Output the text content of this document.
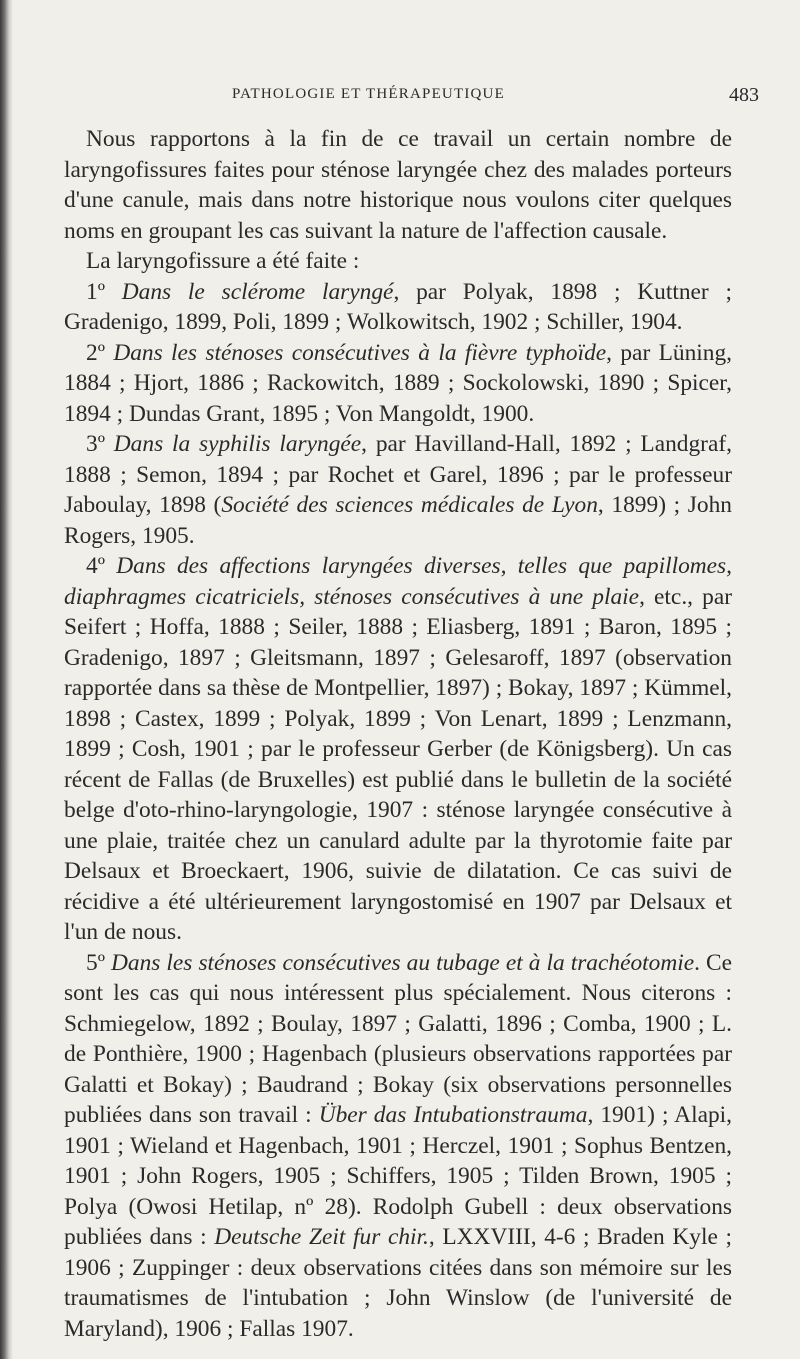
PATHOLOGIE ET THÉRAPEUTIQUE	483

Nous rapportons à la fin de ce travail un certain nombre de laryngofissures faites pour sténose laryngée chez des malades porteurs d'une canule, mais dans notre historique nous voulons citer quelques noms en groupant les cas suivant la nature de l'affection causale.

La laryngofissure a été faite :

1º Dans le sclérome laryngé, par Polyak, 1898 ; Kuttner ; Gradenigo, 1899, Poli, 1899 ; Wolkowitsch, 1902 ; Schiller, 1904.

2º Dans les sténoses consécutives à la fièvre typhoïde, par Lüning, 1884 ; Hjort, 1886 ; Rackowitch, 1889 ; Sockolowski, 1890 ; Spicer, 1894 ; Dundas Grant, 1895 ; Von Mangoldt, 1900.

3º Dans la syphilis laryngée, par Havilland-Hall, 1892 ; Landgraf, 1888 ; Semon, 1894 ; par Rochet et Garel, 1896 ; par le professeur Jaboulay, 1898 (Société des sciences médicales de Lyon, 1899) ; John Rogers, 1905.

4º Dans des affections laryngées diverses, telles que papillomes, diaphragmes cicatriciels, sténoses consécutives à une plaie, etc., par Seifert ; Hoffa, 1888 ; Seiler, 1888 ; Eliasberg, 1891 ; Baron, 1895 ; Gradenigo, 1897 ; Gleitsmann, 1897 ; Gelesaroff, 1897 (observation rapportée dans sa thèse de Montpellier, 1897) ; Bokay, 1897 ; Kümmel, 1898 ; Castex, 1899 ; Polyak, 1899 ; Von Lenart, 1899 ; Lenzmann, 1899 ; Cosh, 1901 ; par le professeur Gerber (de Königsberg). Un cas récent de Fallas (de Bruxelles) est publié dans le bulletin de la société belge d'oto-rhino-laryngologie, 1907 : sténose laryngée consécutive à une plaie, traitée chez un canulard adulte par la thyrotomie faite par Delsaux et Broeckaert, 1906, suivie de dilatation. Ce cas suivi de récidive a été ultérieurement laryngostomisé en 1907 par Delsaux et l'un de nous.

5º Dans les sténoses consécutives au tubage et à la trachéotomie. Ce sont les cas qui nous intéressent plus spécialement. Nous citerons : Schmiegelow, 1892 ; Boulay, 1897 ; Galatti, 1896 ; Comba, 1900 ; L. de Ponthière, 1900 ; Hagenbach (plusieurs observations rapportées par Galatti et Bokay) ; Baudrand ; Bokay (six observations personnelles publiées dans son travail : Über das Intubationstrauma, 1901) ; Alapi, 1901 ; Wieland et Hagenbach, 1901 ; Herczel, 1901 ; Sophus Bentzen, 1901 ; John Rogers, 1905 ; Schiffers, 1905 ; Tilden Brown, 1905 ; Polya (Owosi Hetilap, nº 28). Rodolph Gubell : deux observations publiées dans : Deutsche Zeit fur chir., LXXVIII, 4-6 ; Braden Kyle ; 1906 ; Zuppinger : deux observations citées dans son mémoire sur les traumatismes de l'intubation ; John Winslow (de l'université de Maryland), 1906 ; Fallas 1907.
